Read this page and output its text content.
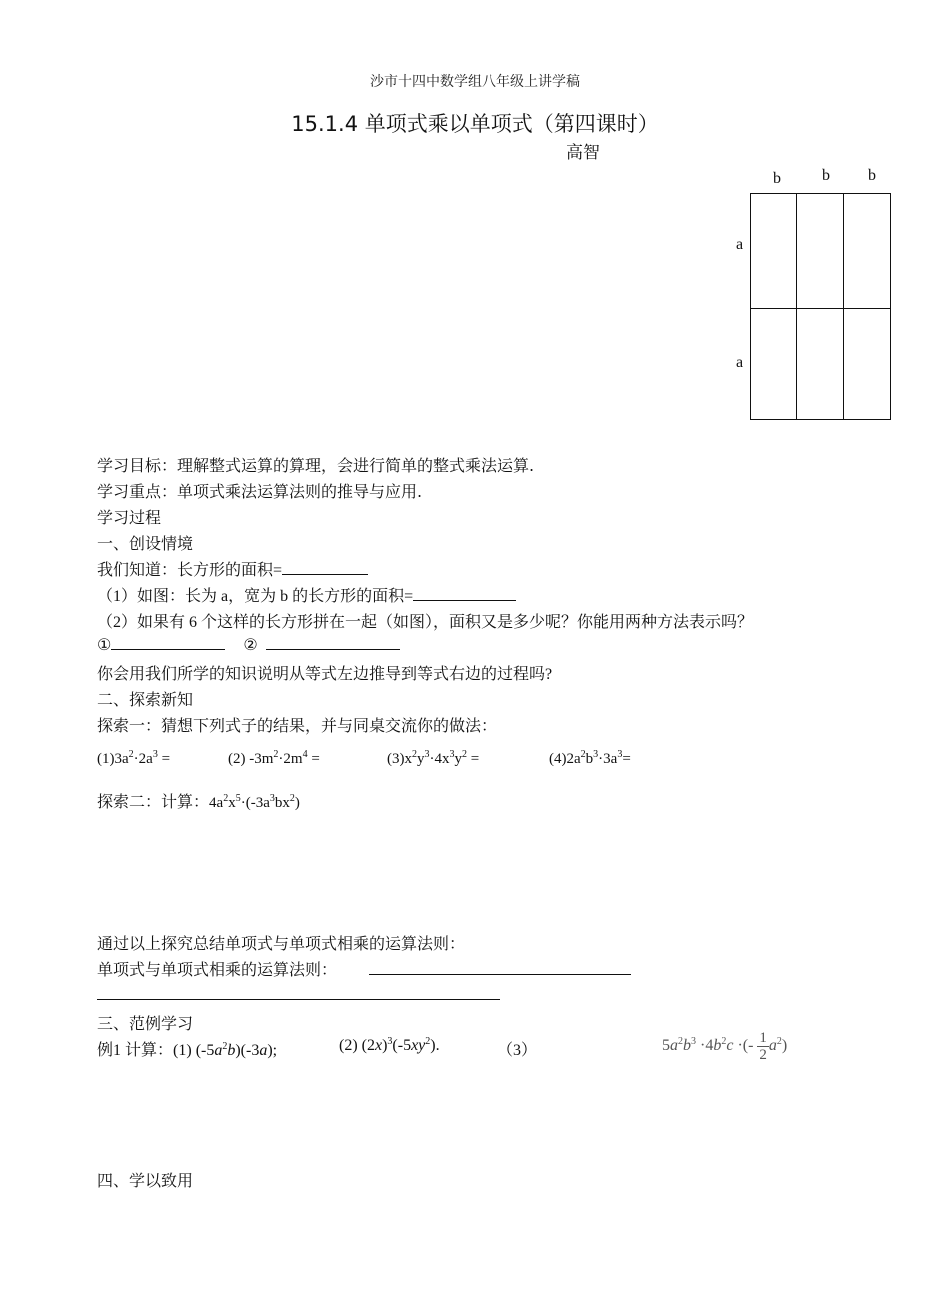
沙市十四中数学组八年级上讲学稿
15.1.4 单项式乘以单项式（第四课时）
高智
b	b b
a
a
学习目标：理解整式运算的算理，会进行简单的整式乘法运算.
学习重点：单项式乘法运算法则的推导与应用.
学习过程
一、创设情境
我们知道：长方形的面积=
（1）如图：长为 a，宽为 b 的长方形的面积=
（2）如果有 6 个这样的长方形拼在一起（如图），面积又是多少呢？你能用两种方法表示吗？
①	②
你会用我们所学的知识说明从等式左边推导到等式右边的过程吗?
二、探索新知
探索一：猜想下列式子的结果，并与同桌交流你的做法：
$(1)3a^2\cdot 2a^3$ =	(2) $-3m^2\cdot 2m^4$ =	$(3)x^2y^3\cdot 4x^3y^2$ =	$(4)2a^2b^3\cdot 3a^3=$
探索二：计算：$4a^2x^5\cdot(-3a^3bx^2)$
通过以上探究总结单项式与单项式相乘的运算法则：
单项式与单项式相乘的运算法则：
三、范例学习
例1 计算：(1) $(-5a^2b)(-3a)$;	(2) $(2x)^3(-5xy^2)$.	（3）	$5a^2b^3 \cdot 4b^2c$ ·(- $\frac{1}{2} a^2$)
四、学以致用
